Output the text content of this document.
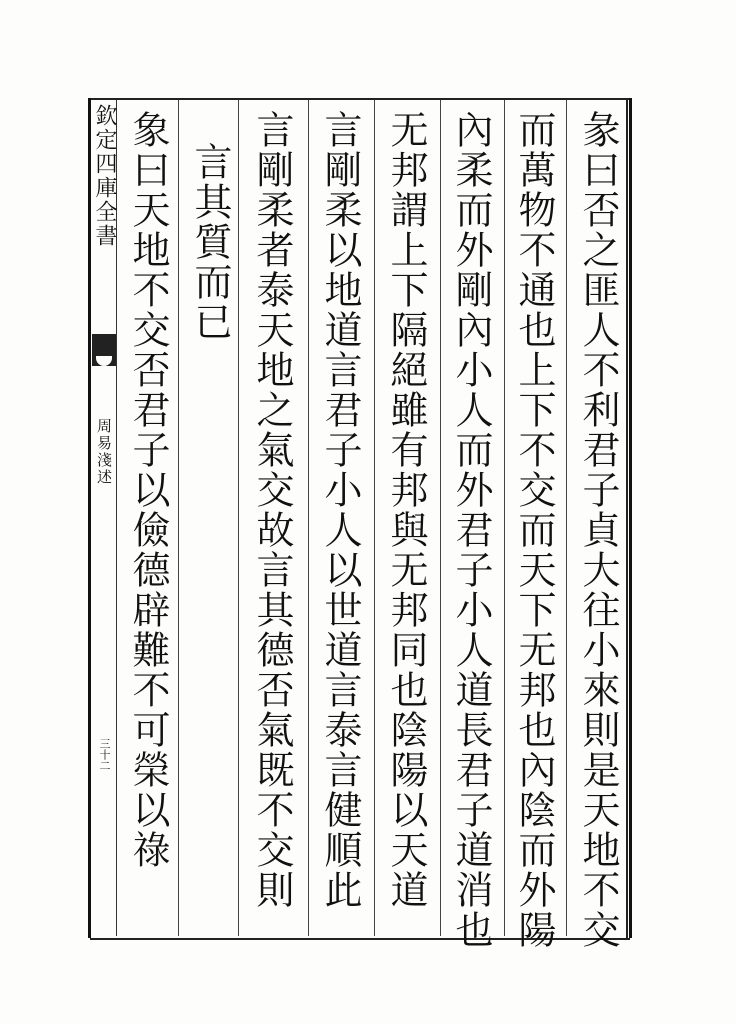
欽定四庫全書
周易淺述
三十二	彖曰否之匪人不利君子貞大往小來則是天地不交
而萬物不通也上下不交而天下无邦也內陰而外陽
內柔而外剛內小人而外君子小人道長君子道消也
无邦謂上下隔絕雖有邦與无邦同也陰陽以天道
言剛柔以地道言君子小人以世道言泰言健順此
言剛柔者泰天地之氣交故言其德否氣既不交則
言其質而已
象曰天地不交否君子以儉德辟難不可榮以祿
